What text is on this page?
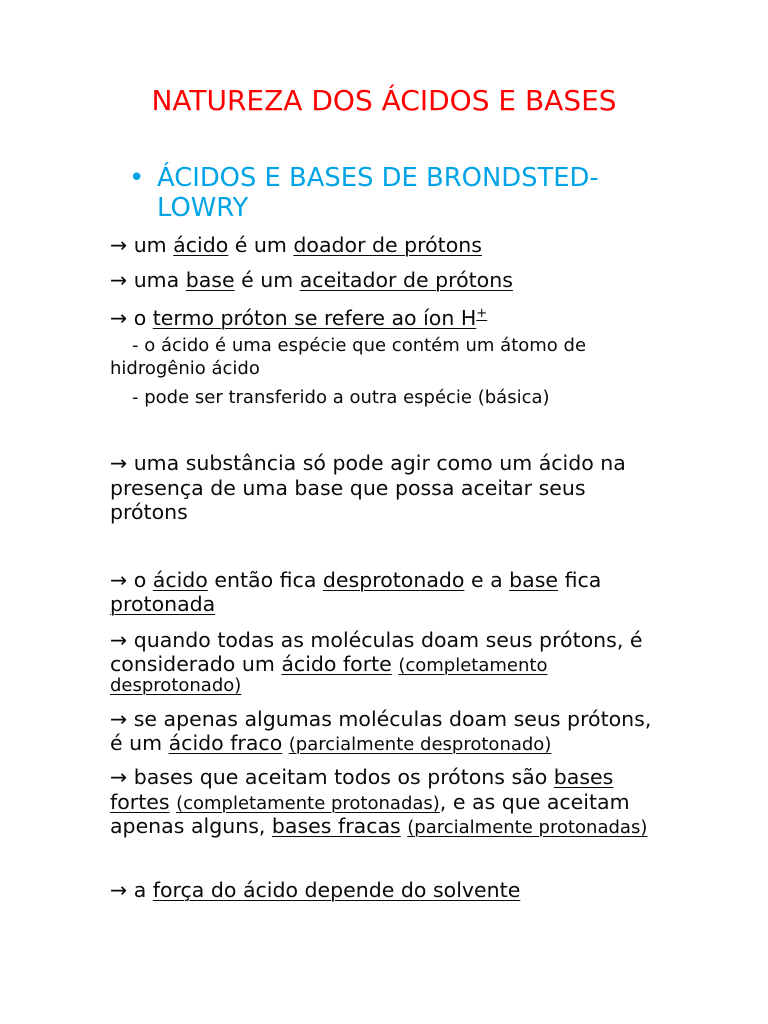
NATUREZA DOS ÁCIDOS E BASES
• ÁCIDOS E BASES DE BRONDSTED-
LOWRY
→ um  ácido  é um  doador de prótons
→ uma  base  é um  aceitador de prótons
→ o  termo próton se refere ao íon H +
- o ácido é uma espécie que contém um átomo de
hidrogênio ácido
- pode ser transferido a outra espécie (básica)
→ uma substância só pode agir como um ácido na
presença de uma base que possa aceitar seus
prótons
→ o  ácido  então fica  desprotonado  e a  base  fica
protonada
→ quando todas as moléculas doam seus prótons, é
considerado um  ácido forte (completamento
desprotonado)
→ se apenas algumas moléculas doam seus prótons,
é um  ácido fraco (parcialmente desprotonado)
→ bases que aceitam todos os prótons são  bases
fortes (completamente protonadas) , e as que aceitam
apenas alguns,  bases fracas (parcialmente protonadas)
→ a  força do ácido depende do solvente
